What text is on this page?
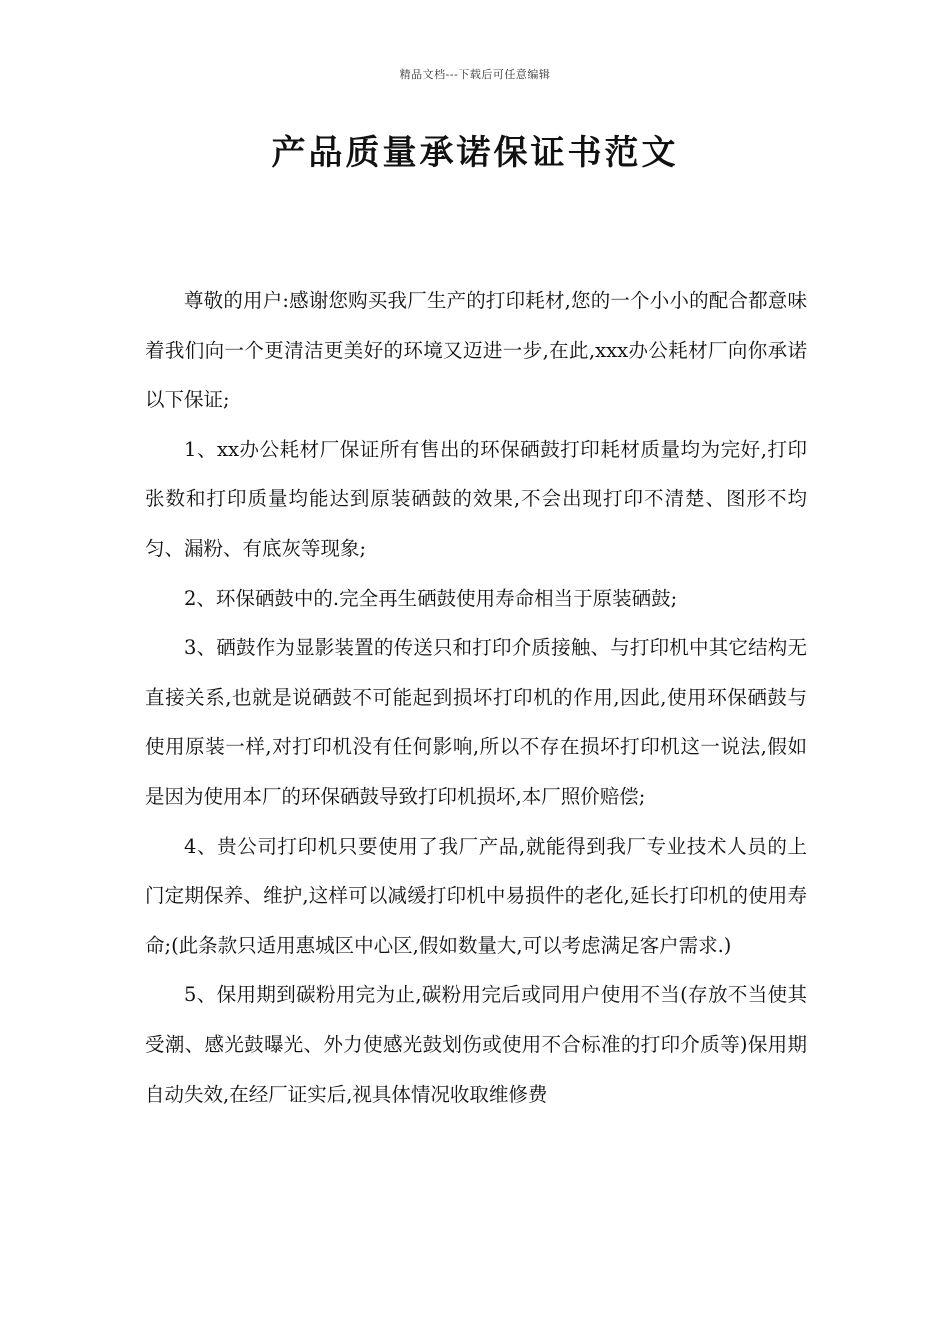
精品文档---下载后可任意编辑
产品质量承诺保证书范文

尊敬的用户:感谢您购买我厂生产的打印耗材,您的一个小小的配合都意味着我们向一个更清洁更美好的环境又迈进一步,在此,xxx办公耗材厂向你承诺以下保证;

1、xx办公耗材厂保证所有售出的环保硒鼓打印耗材质量均为完好,打印张数和打印质量均能达到原装硒鼓的效果,不会出现打印不清楚、图形不均匀、漏粉、有底灰等现象;

2、环保硒鼓中的.完全再生硒鼓使用寿命相当于原装硒鼓;

3、硒鼓作为显影装置的传送只和打印介质接触、与打印机中其它结构无直接关系,也就是说硒鼓不可能起到损坏打印机的作用,因此,使用环保硒鼓与使用原装一样,对打印机没有任何影响,所以不存在损坏打印机这一说法,假如是因为使用本厂的环保硒鼓导致打印机损坏,本厂照价赔偿;

4、贵公司打印机只要使用了我厂产品,就能得到我厂专业技术人员的上门定期保养、维护,这样可以减缓打印机中易损件的老化,延长打印机的使用寿命;(此条款只适用惠城区中心区,假如数量大,可以考虑满足客户需求.)

5、保用期到碳粉用完为止,碳粉用完后或同用户使用不当(存放不当使其受潮、感光鼓曝光、外力使感光鼓划伤或使用不合标准的打印介质等)保用期自动失效,在经厂证实后,视具体情况收取维修费
